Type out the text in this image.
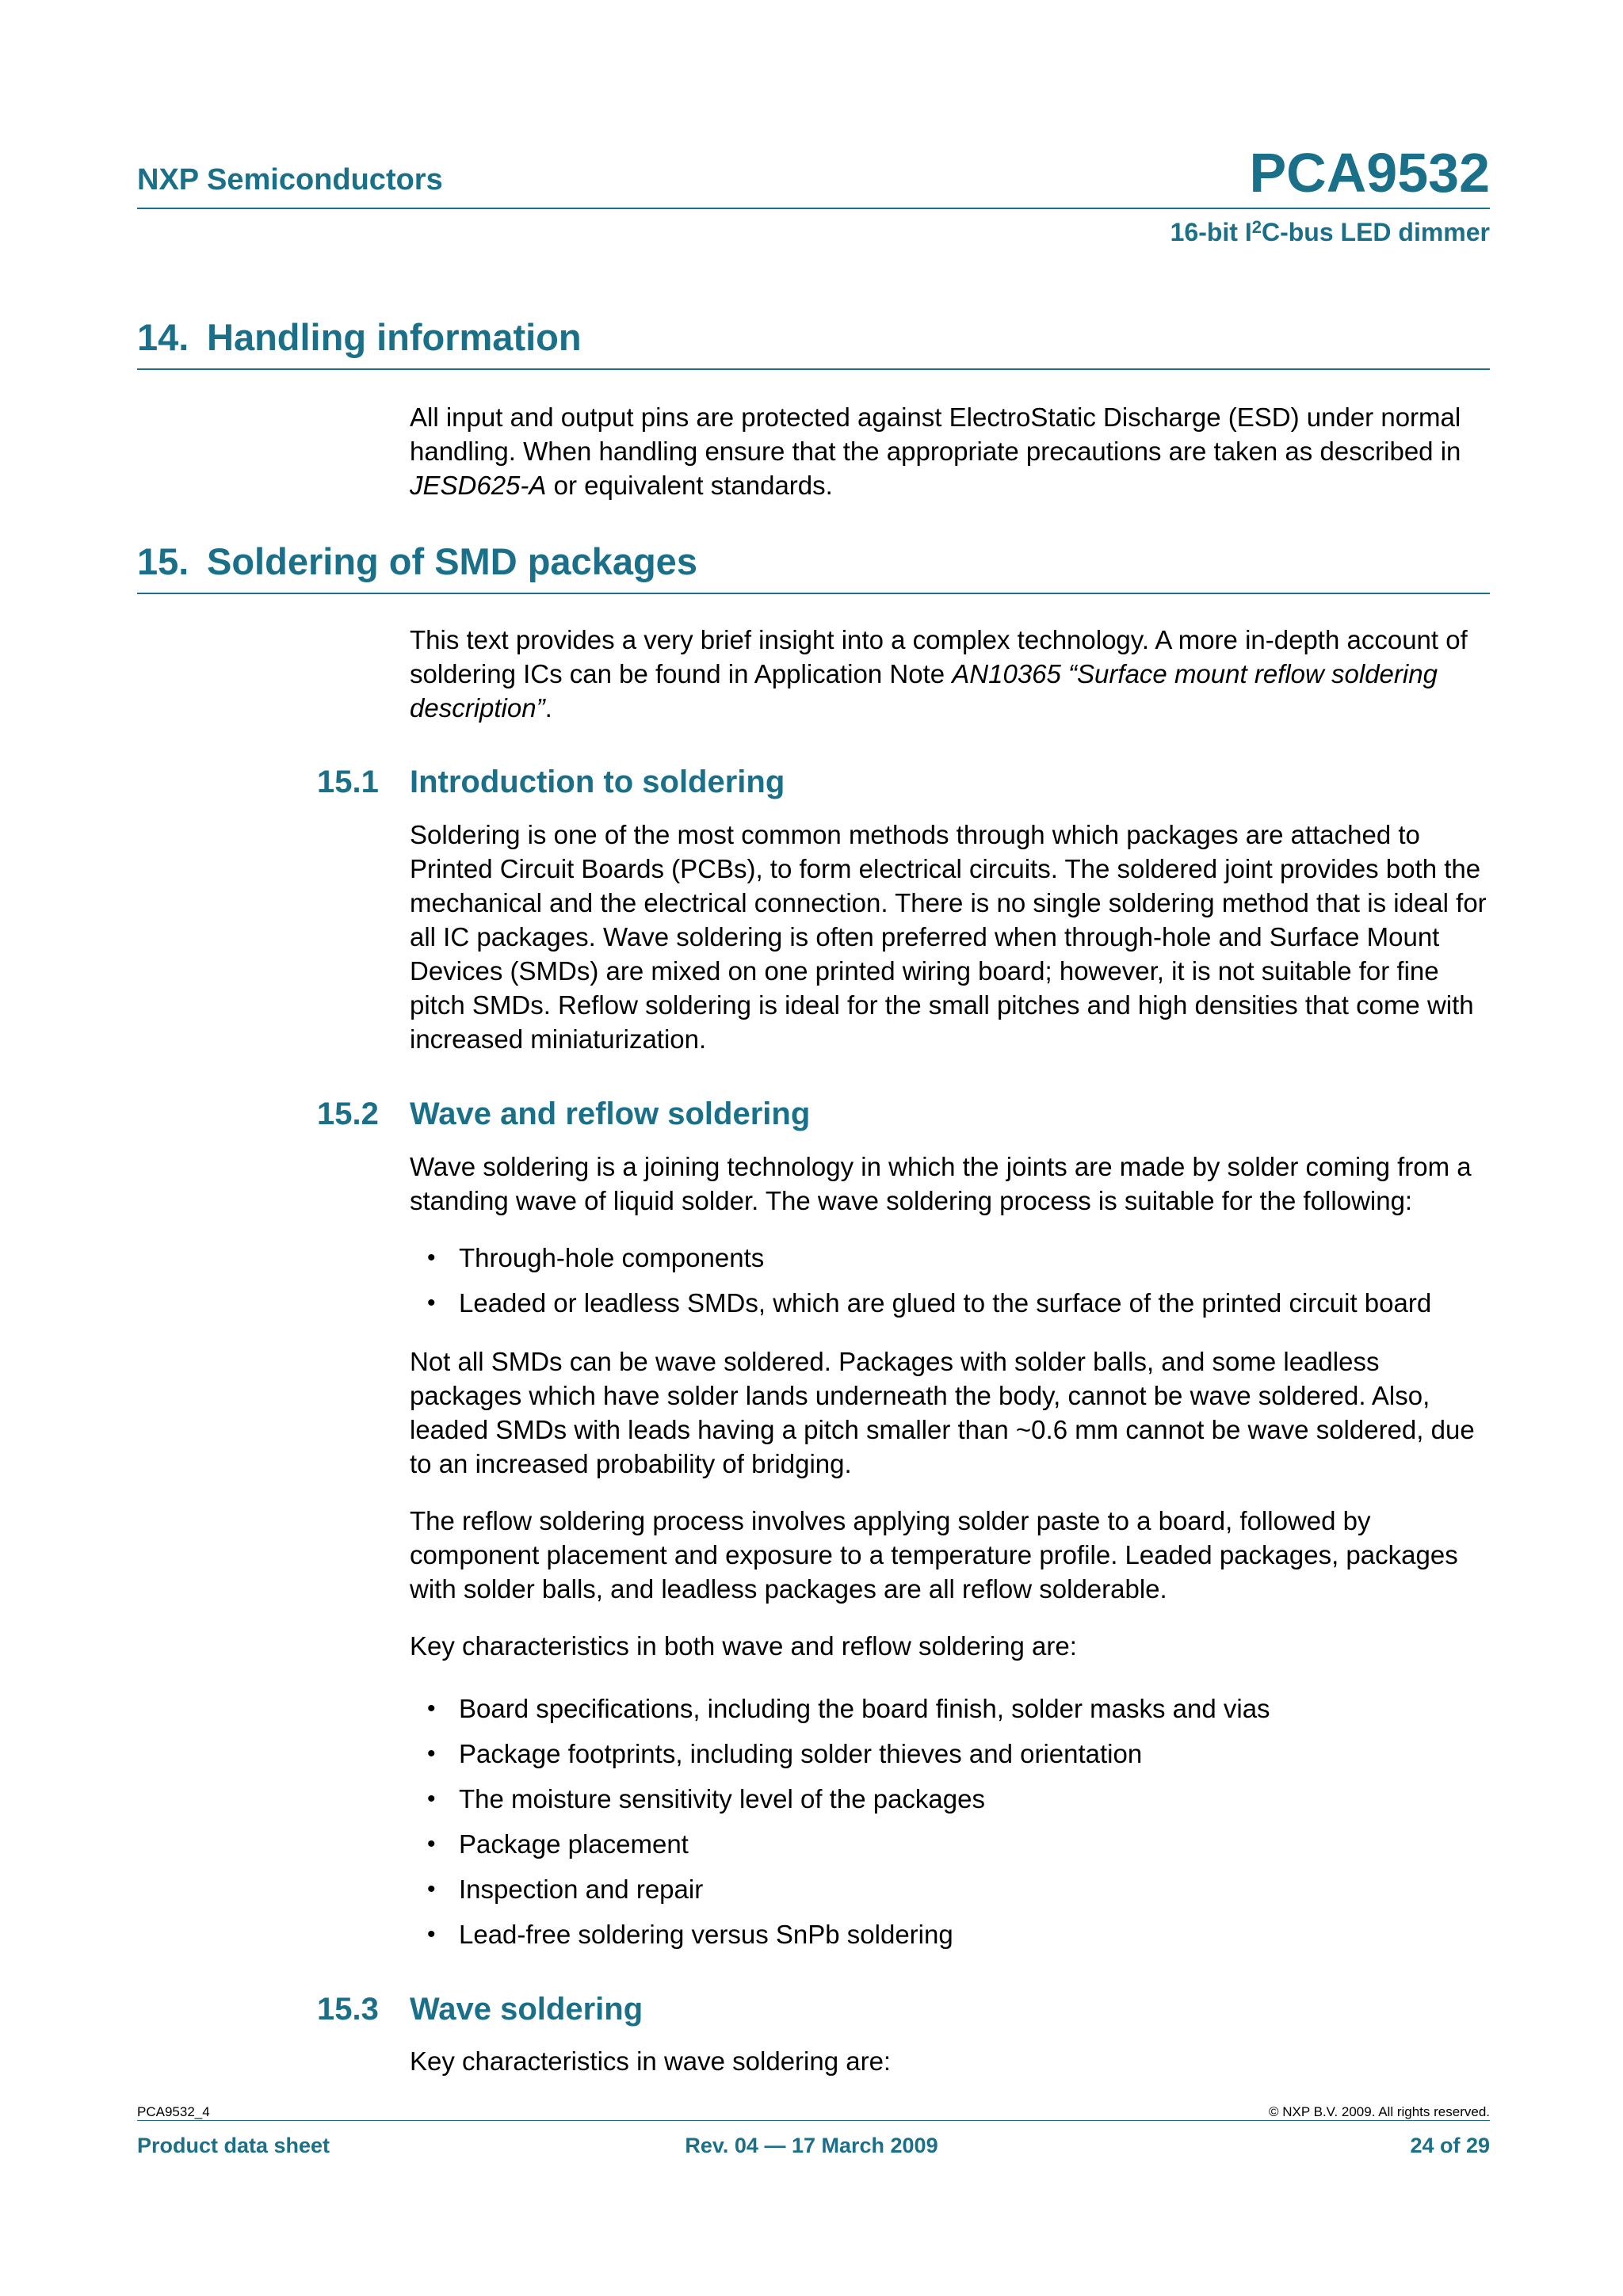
NXP Semiconductors	PCA9532
16-bit $I^2C$-bus LED dimmer
14. Handling information
All input and output pins are protected against ElectroStatic Discharge (ESD) under normal handling. When handling ensure that the appropriate precautions are taken as described in JESD625-A or equivalent standards.
15. Soldering of SMD packages
This text provides a very brief insight into a complex technology. A more in-depth account of soldering ICs can be found in Application Note AN10365 “Surface mount reflow soldering description”.
15.1 Introduction to soldering
Soldering is one of the most common methods through which packages are attached to Printed Circuit Boards (PCBs), to form electrical circuits. The soldered joint provides both the mechanical and the electrical connection. There is no single soldering method that is ideal for all IC packages. Wave soldering is often preferred when through-hole and Surface Mount Devices (SMDs) are mixed on one printed wiring board; however, it is not suitable for fine pitch SMDs. Reflow soldering is ideal for the small pitches and high densities that come with increased miniaturization.
15.2 Wave and reflow soldering
Wave soldering is a joining technology in which the joints are made by solder coming from a standing wave of liquid solder. The wave soldering process is suitable for the following:
• Through-hole components
• Leaded or leadless SMDs, which are glued to the surface of the printed circuit board
Not all SMDs can be wave soldered. Packages with solder balls, and some leadless packages which have solder lands underneath the body, cannot be wave soldered. Also, leaded SMDs with leads having a pitch smaller than ~0.6 mm cannot be wave soldered, due to an increased probability of bridging.
The reflow soldering process involves applying solder paste to a board, followed by component placement and exposure to a temperature profile. Leaded packages, packages with solder balls, and leadless packages are all reflow solderable.
Key characteristics in both wave and reflow soldering are:
• Board specifications, including the board finish, solder masks and vias
• Package footprints, including solder thieves and orientation
• The moisture sensitivity level of the packages
• Package placement
• Inspection and repair
• Lead-free soldering versus SnPb soldering
15.3 Wave soldering
Key characteristics in wave soldering are:
PCA9532_4	© NXP B.V. 2009. All rights reserved.
Product data sheet	Rev. 04 — 17 March 2009	24 of 29
